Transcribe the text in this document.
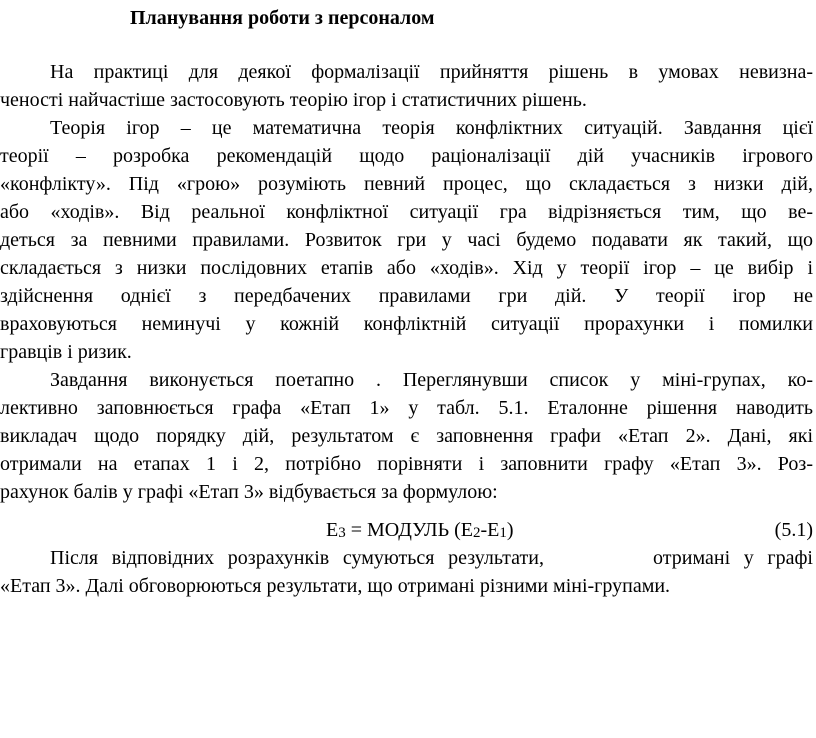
Планування роботи з персоналом

На практиці для деякої формалізації прийняття рішень в умовах невизна-

ченості найчастіше застосовують теорію ігор і статистичних рішень.

Теорія ігор – це математична теорія конфліктних ситуацій. Завдання цієї

теорії – розробка рекомендацій щодо раціоналізації дій учасників ігрового

«конфлікту». Під «грою» розуміють певний процес, що складається з низки дій,

або «ходів». Від реальної конфліктної ситуації гра відрізняється тим, що ве-

деться за певними правилами. Розвиток гри у часі будемо подавати як такий, що

складається з низки послідовних етапів або «ходів». Хід у теорії ігор – це вибір і

здійснення однієї з передбачених правилами гри дій. У теорії ігор не

враховуються неминучі у кожній конфліктній ситуації прорахунки і помилки

гравців і ризик.

Завдання виконується поетапно . Переглянувши список у міні-групах, ко-

лективно заповнюється графа «Етап 1» у табл. 5.1. Еталонне рішення наводить

викладач щодо порядку дій, результатом є заповнення графи «Етап 2». Дані, які

отримали на етапах 1 і 2, потрібно порівняти і заповнити графу «Етап 3». Роз-

рахунок балів у графі «Етап 3» відбувається за формулою:

$E_3$ = МОДУЛЬ $(E_2-E_1)$	(5.1)

Після відповідних розрахунків сумуються результати,        отримані у графі

«Етап 3». Далі обговорюються результати, що отримані різними міні-групами.
